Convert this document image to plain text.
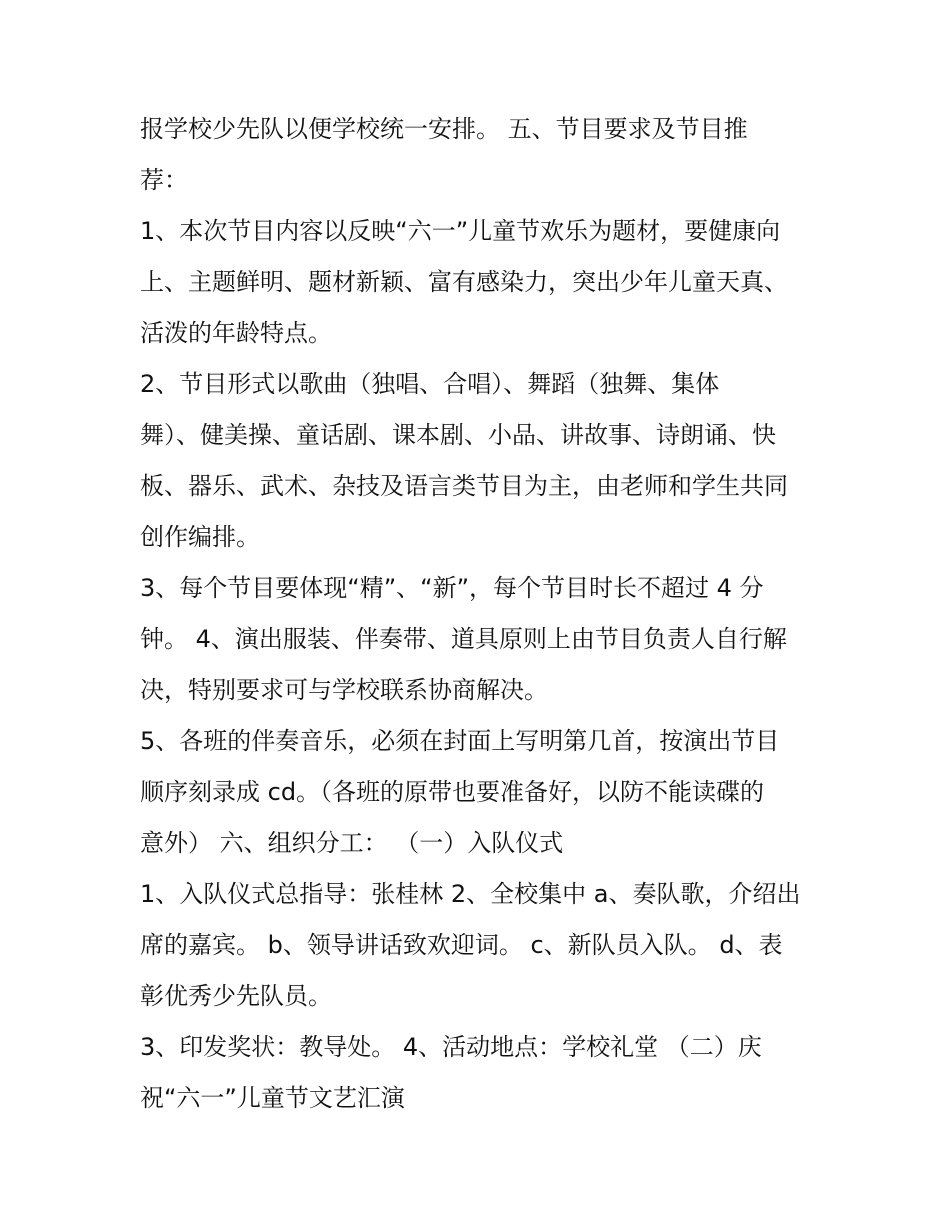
报学校少先队以便学校统一安排。 五、节目要求及节目推
荐：
1、本次节目内容以反映“六一”儿童节欢乐为题材，要健康向
上、主题鲜明、题材新颖、富有感染力，突出少年儿童天真、
活泼的年龄特点。
2、节目形式以歌曲（独唱、合唱）、舞蹈（独舞、集体
舞）、健美操、童话剧、课本剧、小品、讲故事、诗朗诵、快
板、器乐、武术、杂技及语言类节目为主，由老师和学生共同
创作编排。
3、每个节目要体现“精”、“新”，每个节目时长不超过 4 分
钟。 4、演出服装、伴奏带、道具原则上由节目负责人自行解
决，特别要求可与学校联系协商解决。
5、各班的伴奏音乐，必须在封面上写明第几首，按演出节目
顺序刻录成 cd。（各班的原带也要准备好，以防不能读碟的
意外） 六、组织分工： （一）入队仪式
1、入队仪式总指导：张桂林 2、全校集中 a、奏队歌，介绍出
席的嘉宾。 b、领导讲话致欢迎词。 c、新队员入队。 d、表
彰优秀少先队员。
3、印发奖状：教导处。 4、活动地点：学校礼堂 （二）庆
祝“六一”儿童节文艺汇演
